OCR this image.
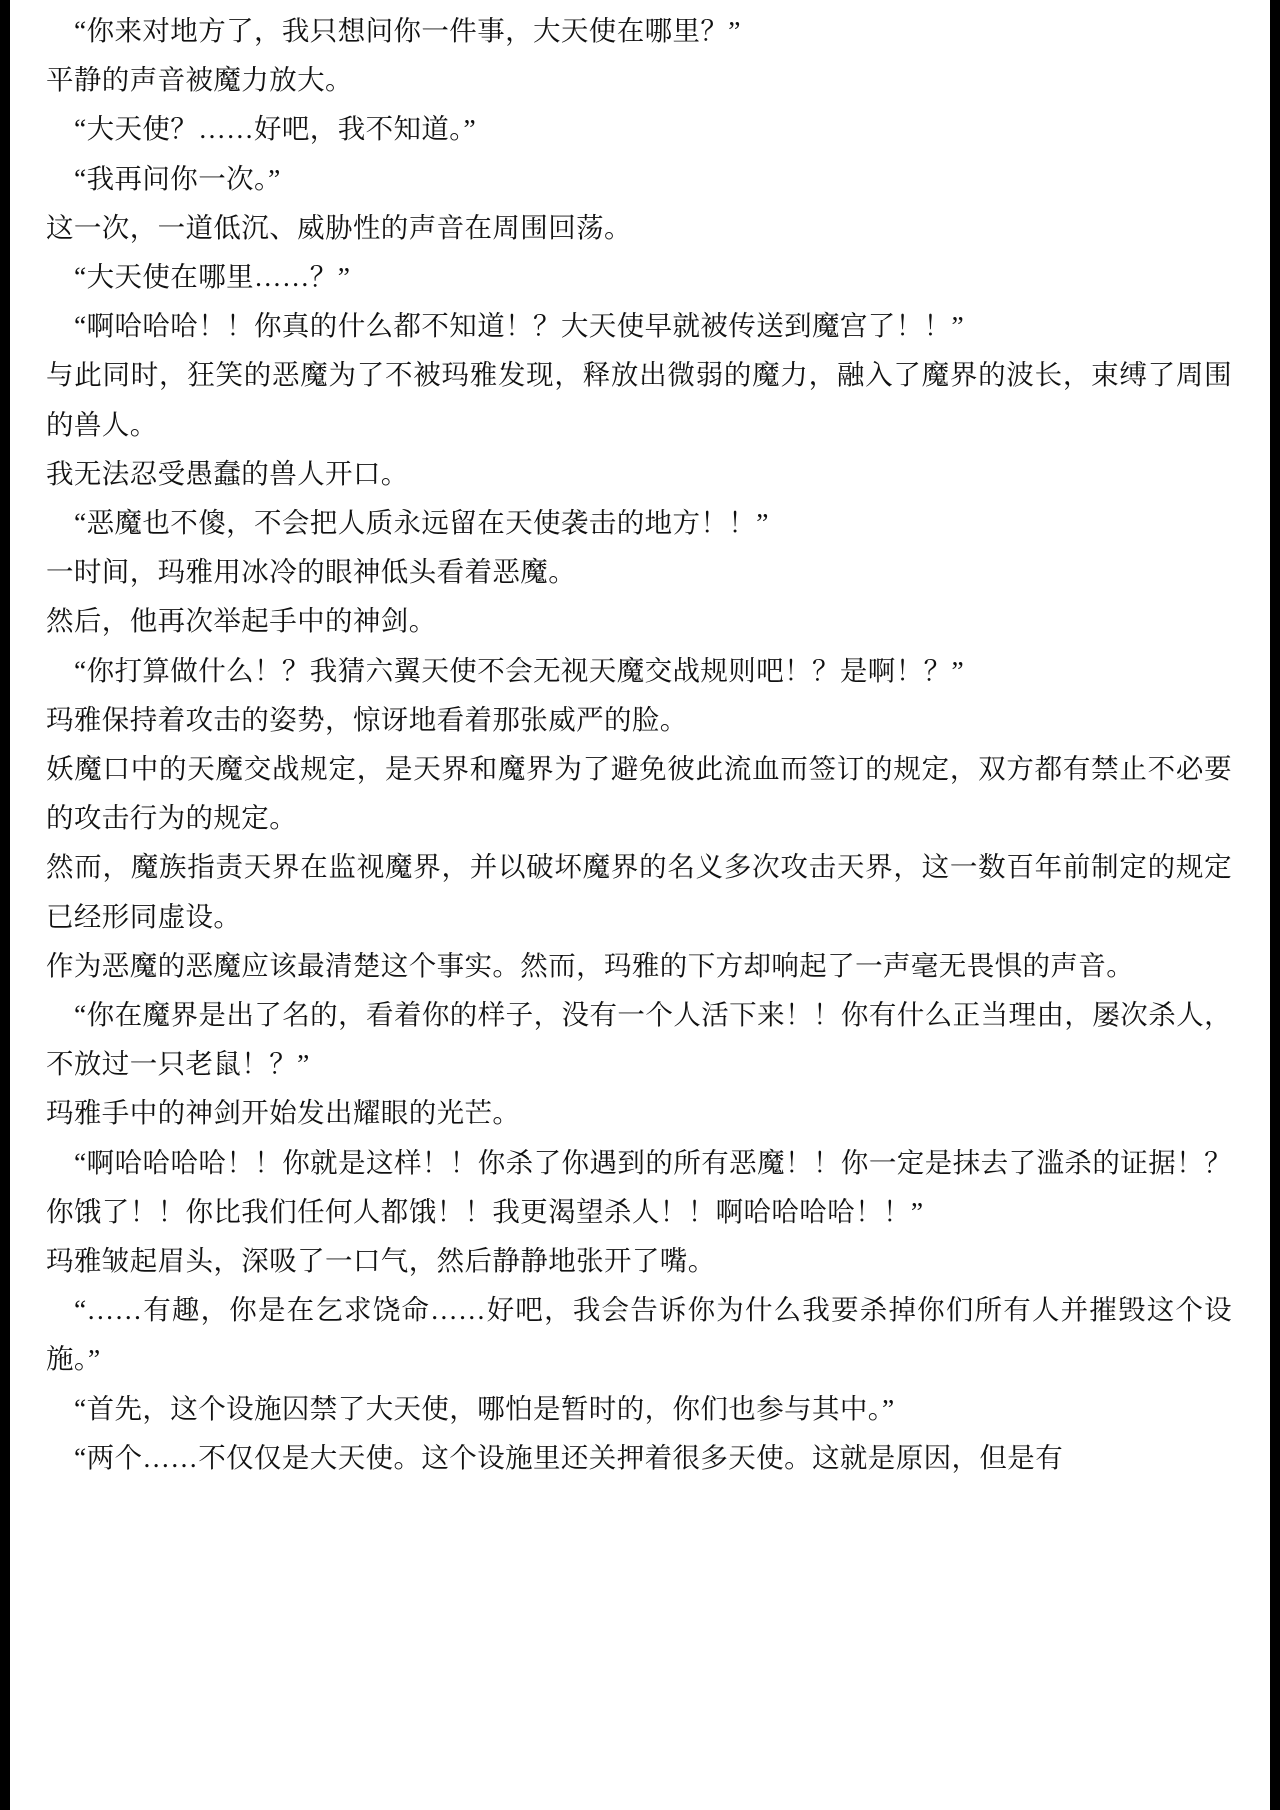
“你来对地方了，我只想问你一件事，大天使在哪里？”

平静的声音被魔力放大。

“大天使？……好吧，我不知道。”

“我再问你一次。”

这一次，一道低沉、威胁性的声音在周围回荡。

“大天使在哪里……？”

“啊哈哈哈！！你真的什么都不知道！？大天使早就被传送到魔宫了！！”

与此同时，狂笑的恶魔为了不被玛雅发现，释放出微弱的魔力，融入了魔界的波长，束缚了周围的兽人。

我无法忍受愚蠢的兽人开口。

“恶魔也不傻，不会把人质永远留在天使袭击的地方！！”

一时间，玛雅用冰冷的眼神低头看着恶魔。

然后，他再次举起手中的神剑。

“你打算做什么！？我猜六翼天使不会无视天魔交战规则吧！？是啊！？”

玛雅保持着攻击的姿势，惊讶地看着那张威严的脸。

妖魔口中的天魔交战规定，是天界和魔界为了避免彼此流血而签订的规定，双方都有禁止不必要的攻击行为的规定。

然而，魔族指责天界在监视魔界，并以破坏魔界的名义多次攻击天界，这一数百年前制定的规定已经形同虚设。

作为恶魔的恶魔应该最清楚这个事实。然而，玛雅的下方却响起了一声毫无畏惧的声音。

“你在魔界是出了名的，看着你的样子，没有一个人活下来！！你有什么正当理由，屡次杀人，不放过一只老鼠！？”

玛雅手中的神剑开始发出耀眼的光芒。

“啊哈哈哈哈！！你就是这样！！你杀了你遇到的所有恶魔！！你一定是抹去了滥杀的证据！？你饿了！！你比我们任何人都饿！！我更渴望杀人！！啊哈哈哈哈！！”

玛雅皱起眉头，深吸了一口气，然后静静地张开了嘴。

“……有趣，你是在乞求饶命……好吧，我会告诉你为什么我要杀掉你们所有人并摧毁这个设施。”

“首先，这个设施囚禁了大天使，哪怕是暂时的，你们也参与其中。”

“两个……不仅仅是大天使。这个设施里还关押着很多天使。这就是原因，但是有
